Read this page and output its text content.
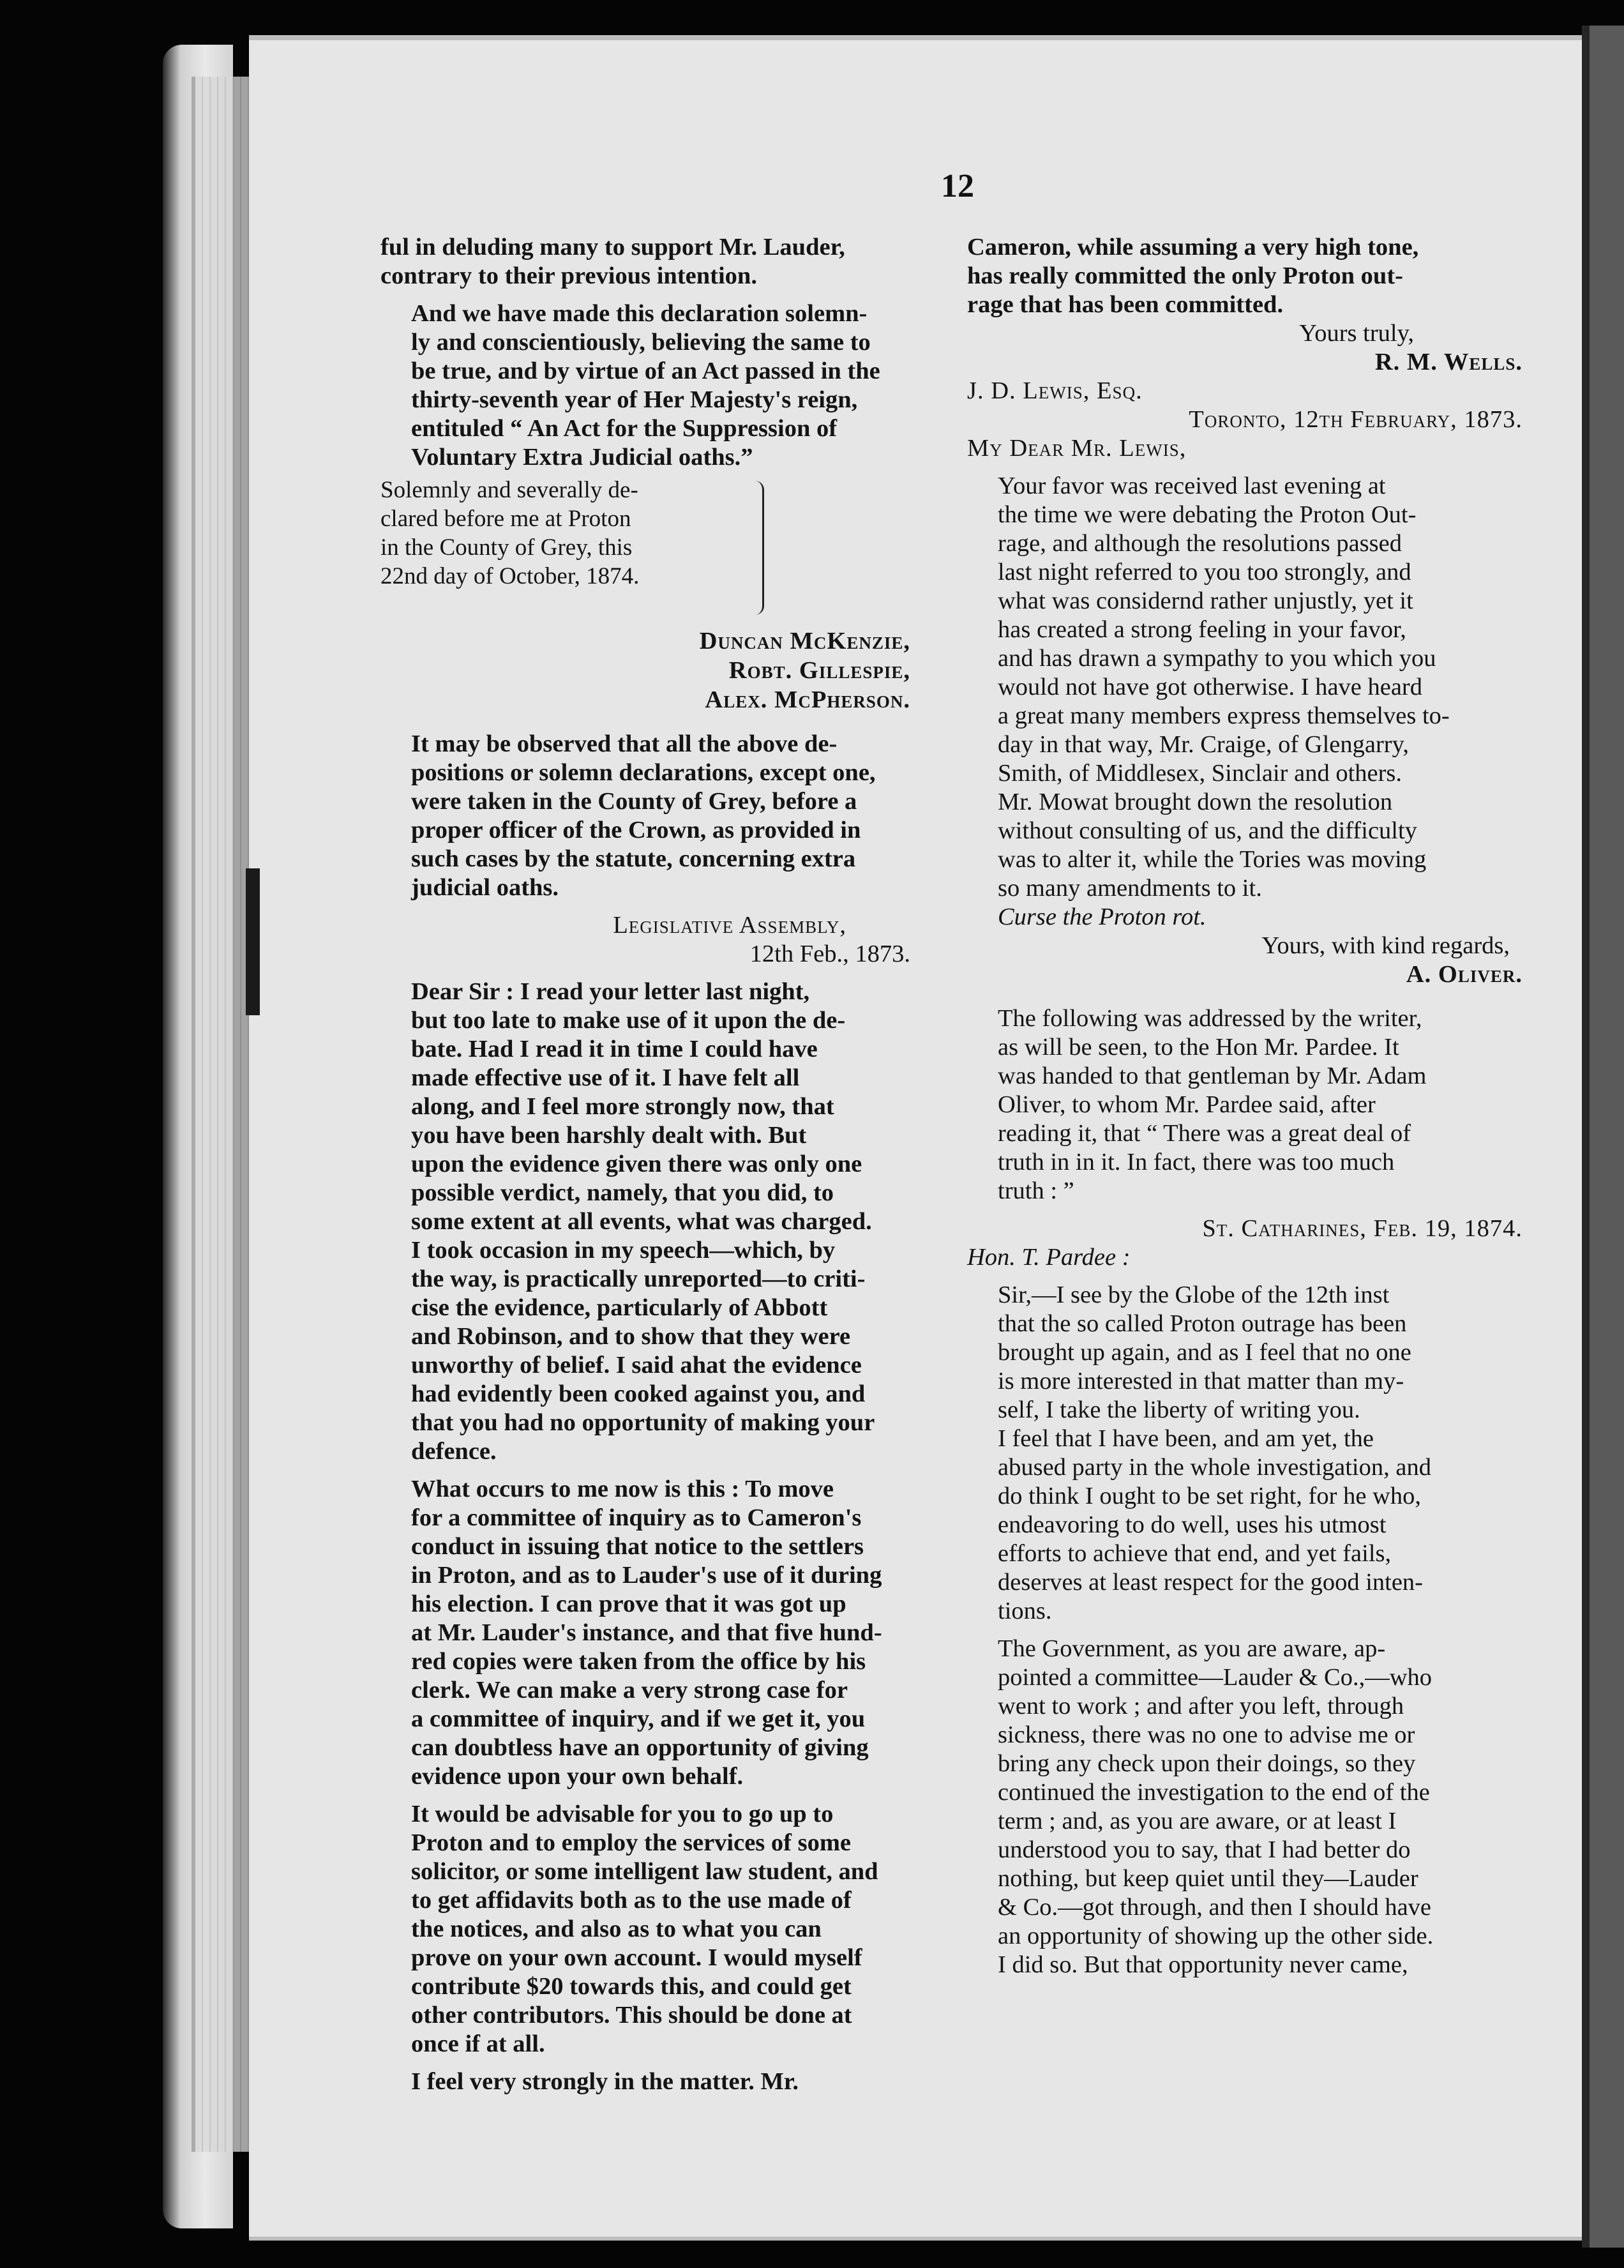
12

ful in deluding many to support Mr. Lauder,
contrary to their previous intention.

And we have made this declaration solemn-
ly and conscientiously, believing the same to
be true, and by virtue of an Act passed in the
thirty-seventh year of Her Majesty's reign,
entituled “ An Act for the Suppression of
Voluntary Extra Judicial oaths.”

Solemnly and severally de-
clared before me at Proton
in the County of Grey, this
22nd day of October, 1874.
Duncan McKenzie,
Robt. Gillespie,
Alex. McPherson.

It may be observed that all the above de-
positions or solemn declarations, except one,
were taken in the County of Grey, before a
proper officer of the Crown, as provided in
such cases by the statute, concerning extra
judicial oaths.

Legislative Assembly,

12th Feb., 1873.

Dear Sir : I read your letter last night,
but too late to make use of it upon the de-
bate. Had I read it in time I could have
made effective use of it. I have felt all
along, and I feel more strongly now, that
you have been harshly dealt with. But
upon the evidence given there was only one
possible verdict, namely, that you did, to
some extent at all events, what was charged.
I took occasion in my speech—which, by
the way, is practically unreported—to criti-
cise the evidence, particularly of Abbott
and Robinson, and to show that they were
unworthy of belief. I said ahat the evidence
had evidently been cooked against you, and
that you had no opportunity of making your
defence.

What occurs to me now is this : To move
for a committee of inquiry as to Cameron's
conduct in issuing that notice to the settlers
in Proton, and as to Lauder's use of it during
his election. I can prove that it was got up
at Mr. Lauder's instance, and that five hund-
red copies were taken from the office by his
clerk. We can make a very strong case for
a committee of inquiry, and if we get it, you
can doubtless have an opportunity of giving
evidence upon your own behalf.

It would be advisable for you to go up to
Proton and to employ the services of some
solicitor, or some intelligent law student, and
to get affidavits both as to the use made of
the notices, and also as to what you can
prove on your own account. I would myself
contribute $20 towards this, and could get
other contributors. This should be done at
once if at all.

I feel very strongly in the matter. Mr.

Cameron, while assuming a very high tone,
has really committed the only Proton out-
rage that has been committed.

Yours truly,

R. M. Wells.

J. D. Lewis, Esq.

Toronto, 12th February, 1873.

My Dear Mr. Lewis,

Your favor was received last evening at
the time we were debating the Proton Out-
rage, and although the resolutions passed
last night referred to you too strongly, and
what was considernd rather unjustly, yet it
has created a strong feeling in your favor,
and has drawn a sympathy to you which you
would not have got otherwise. I have heard
a great many members express themselves to-
day in that way, Mr. Craige, of Glengarry,
Smith, of Middlesex, Sinclair and others.
Mr. Mowat brought down the resolution
without consulting of us, and the difficulty
was to alter it, while the Tories was moving
so many amendments to it.

Curse the Proton rot.

Yours, with kind regards,

A. Oliver.

The following was addressed by the writer,
as will be seen, to the Hon Mr. Pardee. It
was handed to that gentleman by Mr. Adam
Oliver, to whom Mr. Pardee said, after
reading it, that “ There was a great deal of
truth in in it. In fact, there was too much
truth : ”

St. Catharines, Feb. 19, 1874.

Hon. T. Pardee :

Sir,—I see by the Globe of the 12th inst
that the so called Proton outrage has been
brought up again, and as I feel that no one
is more interested in that matter than my-
self, I take the liberty of writing you.

I feel that I have been, and am yet, the
abused party in the whole investigation, and
do think I ought to be set right, for he who,
endeavoring to do well, uses his utmost
efforts to achieve that end, and yet fails,
deserves at least respect for the good inten-
tions.

The Government, as you are aware, ap-
pointed a committee—Lauder & Co.,—who
went to work ; and after you left, through
sickness, there was no one to advise me or
bring any check upon their doings, so they
continued the investigation to the end of the
term ; and, as you are aware, or at least I
understood you to say, that I had better do
nothing, but keep quiet until they—Lauder
& Co.—got through, and then I should have
an opportunity of showing up the other side.
I did so. But that opportunity never came,
